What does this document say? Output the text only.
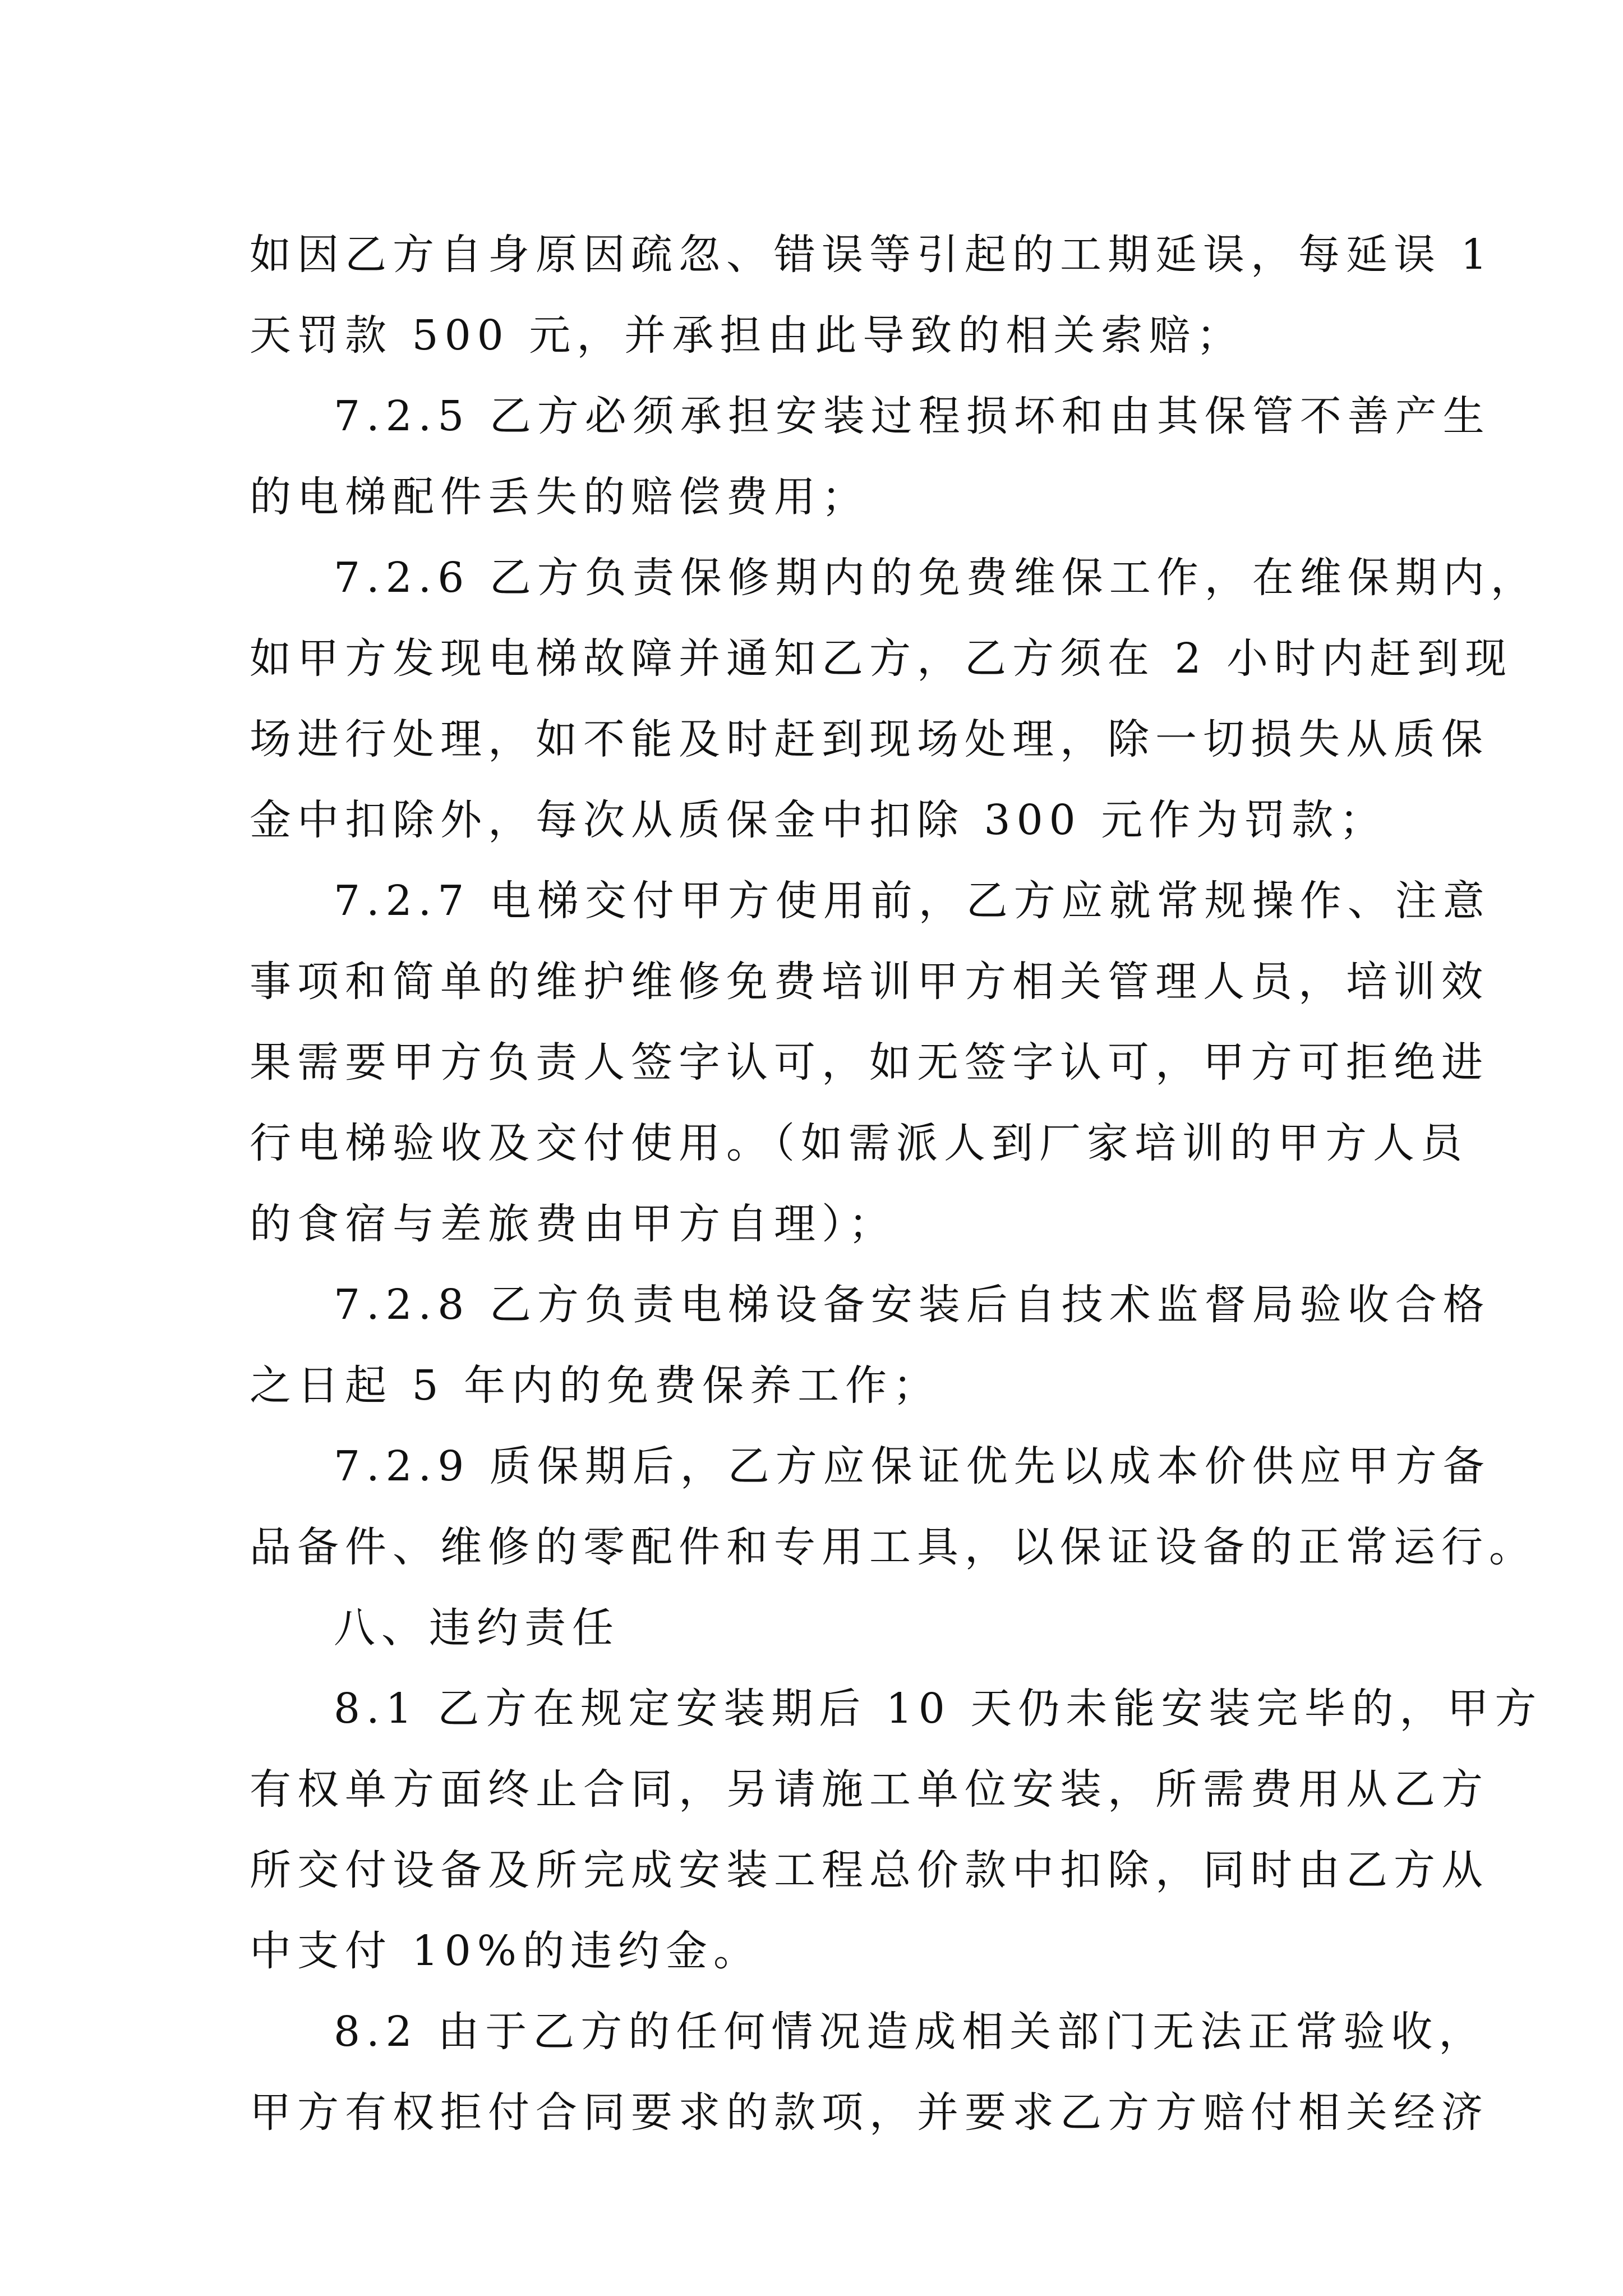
如因乙方自身原因疏忽、错误等引起的工期延误，每延误 1
天罚款 500 元，并承担由此导致的相关索赔；
7.2.5 乙方必须承担安装过程损坏和由其保管不善产生
的电梯配件丢失的赔偿费用；
7.2.6 乙方负责保修期内的免费维保工作，在维保期内，
如甲方发现电梯故障并通知乙方，乙方须在 2 小时内赶到现
场进行处理，如不能及时赶到现场处理，除一切损失从质保
金中扣除外，每次从质保金中扣除 300 元作为罚款；
7.2.7 电梯交付甲方使用前，乙方应就常规操作、注意
事项和简单的维护维修免费培训甲方相关管理人员，培训效
果需要甲方负责人签字认可，如无签字认可，甲方可拒绝进
行电梯验收及交付使用。（如需派人到厂家培训的甲方人员
的食宿与差旅费由甲方自理）；
7.2.8 乙方负责电梯设备安装后自技术监督局验收合格
之日起 5 年内的免费保养工作；
7.2.9 质保期后，乙方应保证优先以成本价供应甲方备
品备件、维修的零配件和专用工具，以保证设备的正常运行。
八、违约责任
8.1 乙方在规定安装期后 10 天仍未能安装完毕的，甲方
有权单方面终止合同，另请施工单位安装，所需费用从乙方
所交付设备及所完成安装工程总价款中扣除，同时由乙方从
中支付 10%的违约金。
8.2 由于乙方的任何情况造成相关部门无法正常验收，
甲方有权拒付合同要求的款项，并要求乙方方赔付相关经济
